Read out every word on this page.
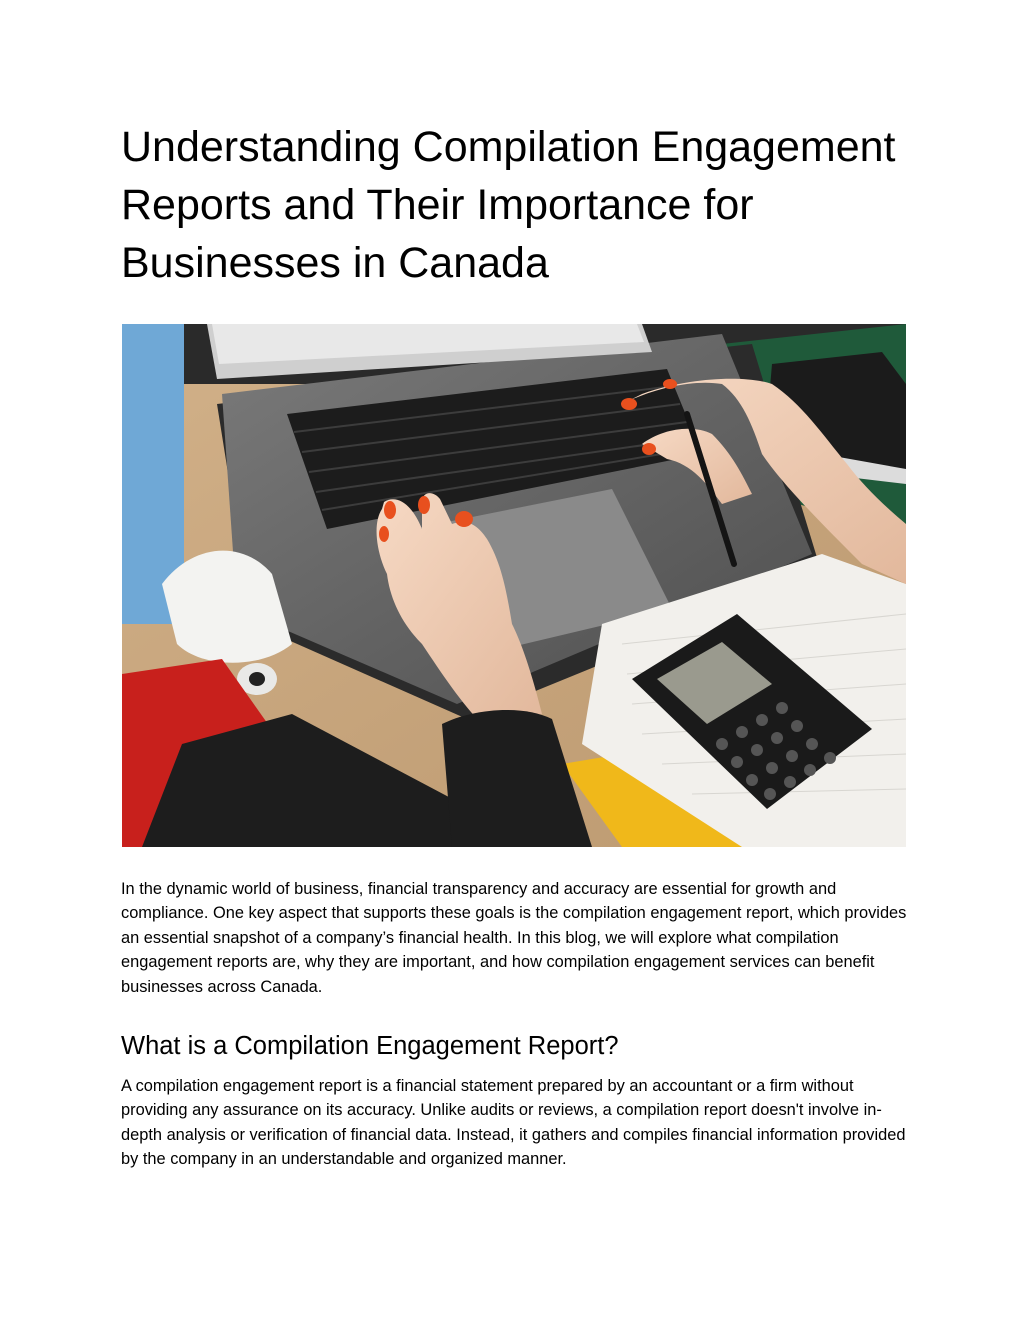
Understanding Compilation Engagement Reports and Their Importance for Businesses in Canada

In the dynamic world of business, financial transparency and accuracy are essential for growth and compliance. One key aspect that supports these goals is the compilation engagement report, which provides an essential snapshot of a company’s financial health. In this blog, we will explore what compilation engagement reports are, why they are important, and how compilation engagement services can benefit businesses across Canada.

What is a Compilation Engagement Report?

A compilation engagement report is a financial statement prepared by an accountant or a firm without providing any assurance on its accuracy. Unlike audits or reviews, a compilation report doesn't involve in-depth analysis or verification of financial data. Instead, it gathers and compiles financial information provided by the company in an understandable and organized manner.
